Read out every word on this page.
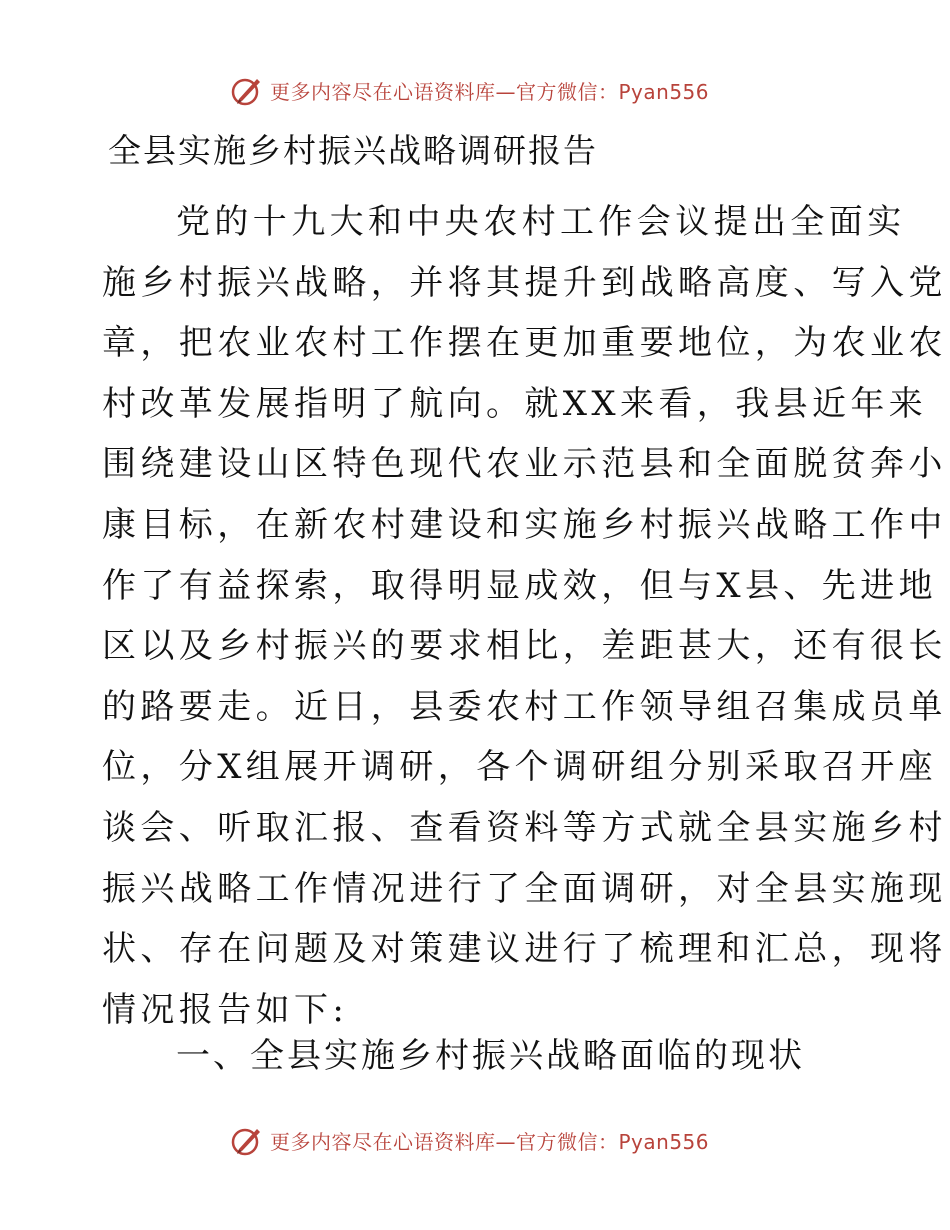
更多内容尽在心语资料库—官方微信：Pyan556
全县实施乡村振兴战略调研报告
党的十九大和中央农村工作会议提出全面实
施乡村振兴战略，并将其提升到战略高度、写入党
章，把农业农村工作摆在更加重要地位，为农业农
村改革发展指明了航向。就XX来看，我县近年来
围绕建设山区特色现代农业示范县和全面脱贫奔小
康目标，在新农村建设和实施乡村振兴战略工作中
作了有益探索，取得明显成效，但与X县、先进地
区以及乡村振兴的要求相比，差距甚大，还有很长
的路要走。近日，县委农村工作领导组召集成员单
位，分X组展开调研，各个调研组分别采取召开座
谈会、听取汇报、查看资料等方式就全县实施乡村
振兴战略工作情况进行了全面调研，对全县实施现
状、存在问题及对策建议进行了梳理和汇总，现将
情况报告如下:
一、全县实施乡村振兴战略面临的现状
更多内容尽在心语资料库—官方微信：Pyan556
